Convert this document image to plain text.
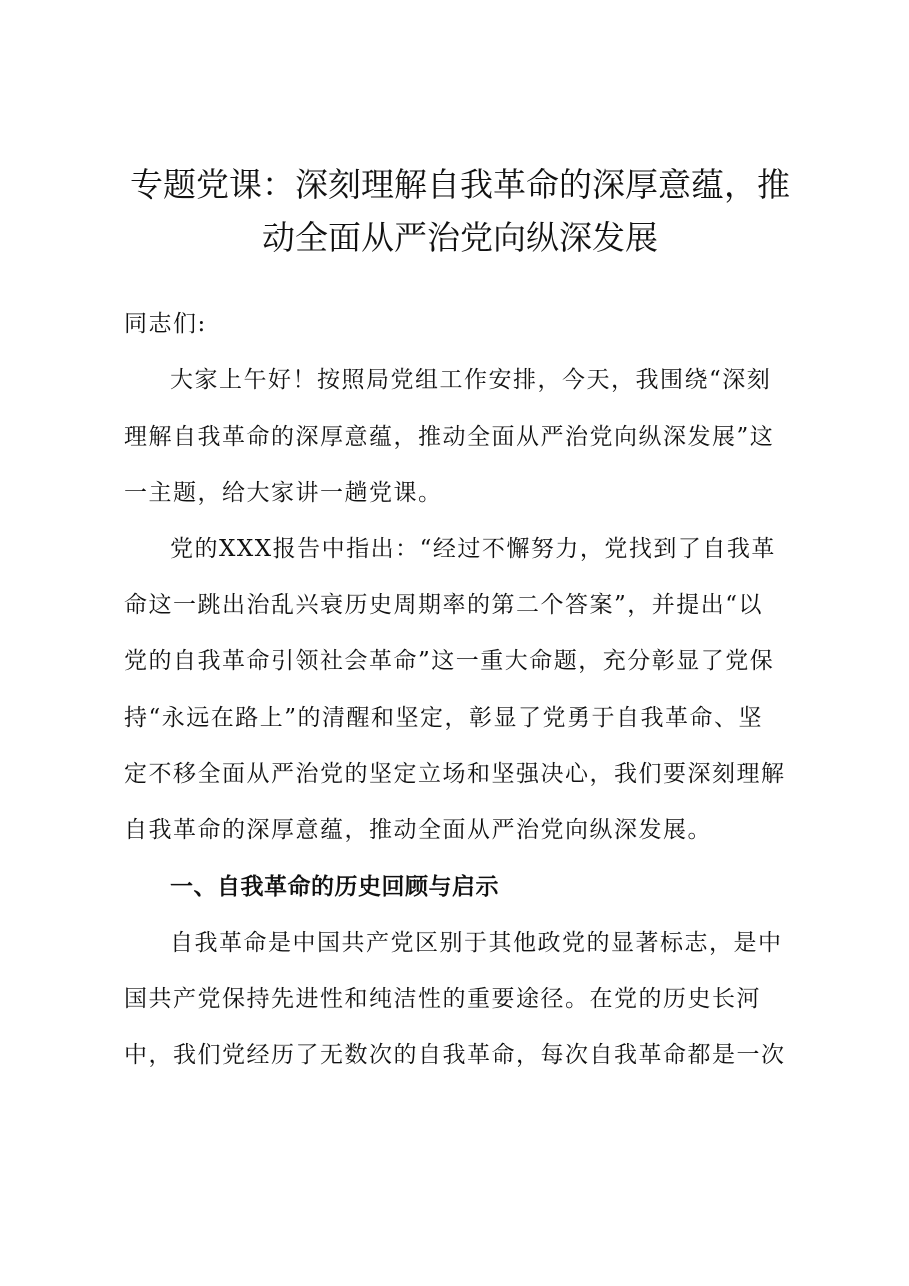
专题党课：深刻理解自我革命的深厚意蕴，推
动全面从严治党向纵深发展

同志们:

大家上午好！按照局党组工作安排，今天，我围绕“深刻

理解自我革命的深厚意蕴，推动全面从严治党向纵深发展”这

一主题，给大家讲一趟党课。

党的XXX报告中指出：“经过不懈努力，党找到了自我革

命这一跳出治乱兴衰历史周期率的第二个答案”，并提出“以

党的自我革命引领社会革命”这一重大命题，充分彰显了党保

持“永远在路上”的清醒和坚定，彰显了党勇于自我革命、坚

定不移全面从严治党的坚定立场和坚强决心，我们要深刻理解

自我革命的深厚意蕴，推动全面从严治党向纵深发展。

一、自我革命的历史回顾与启示

自我革命是中国共产党区别于其他政党的显著标志，是中

国共产党保持先进性和纯洁性的重要途径。在党的历史长河

中，我们党经历了无数次的自我革命，每次自我革命都是一次
